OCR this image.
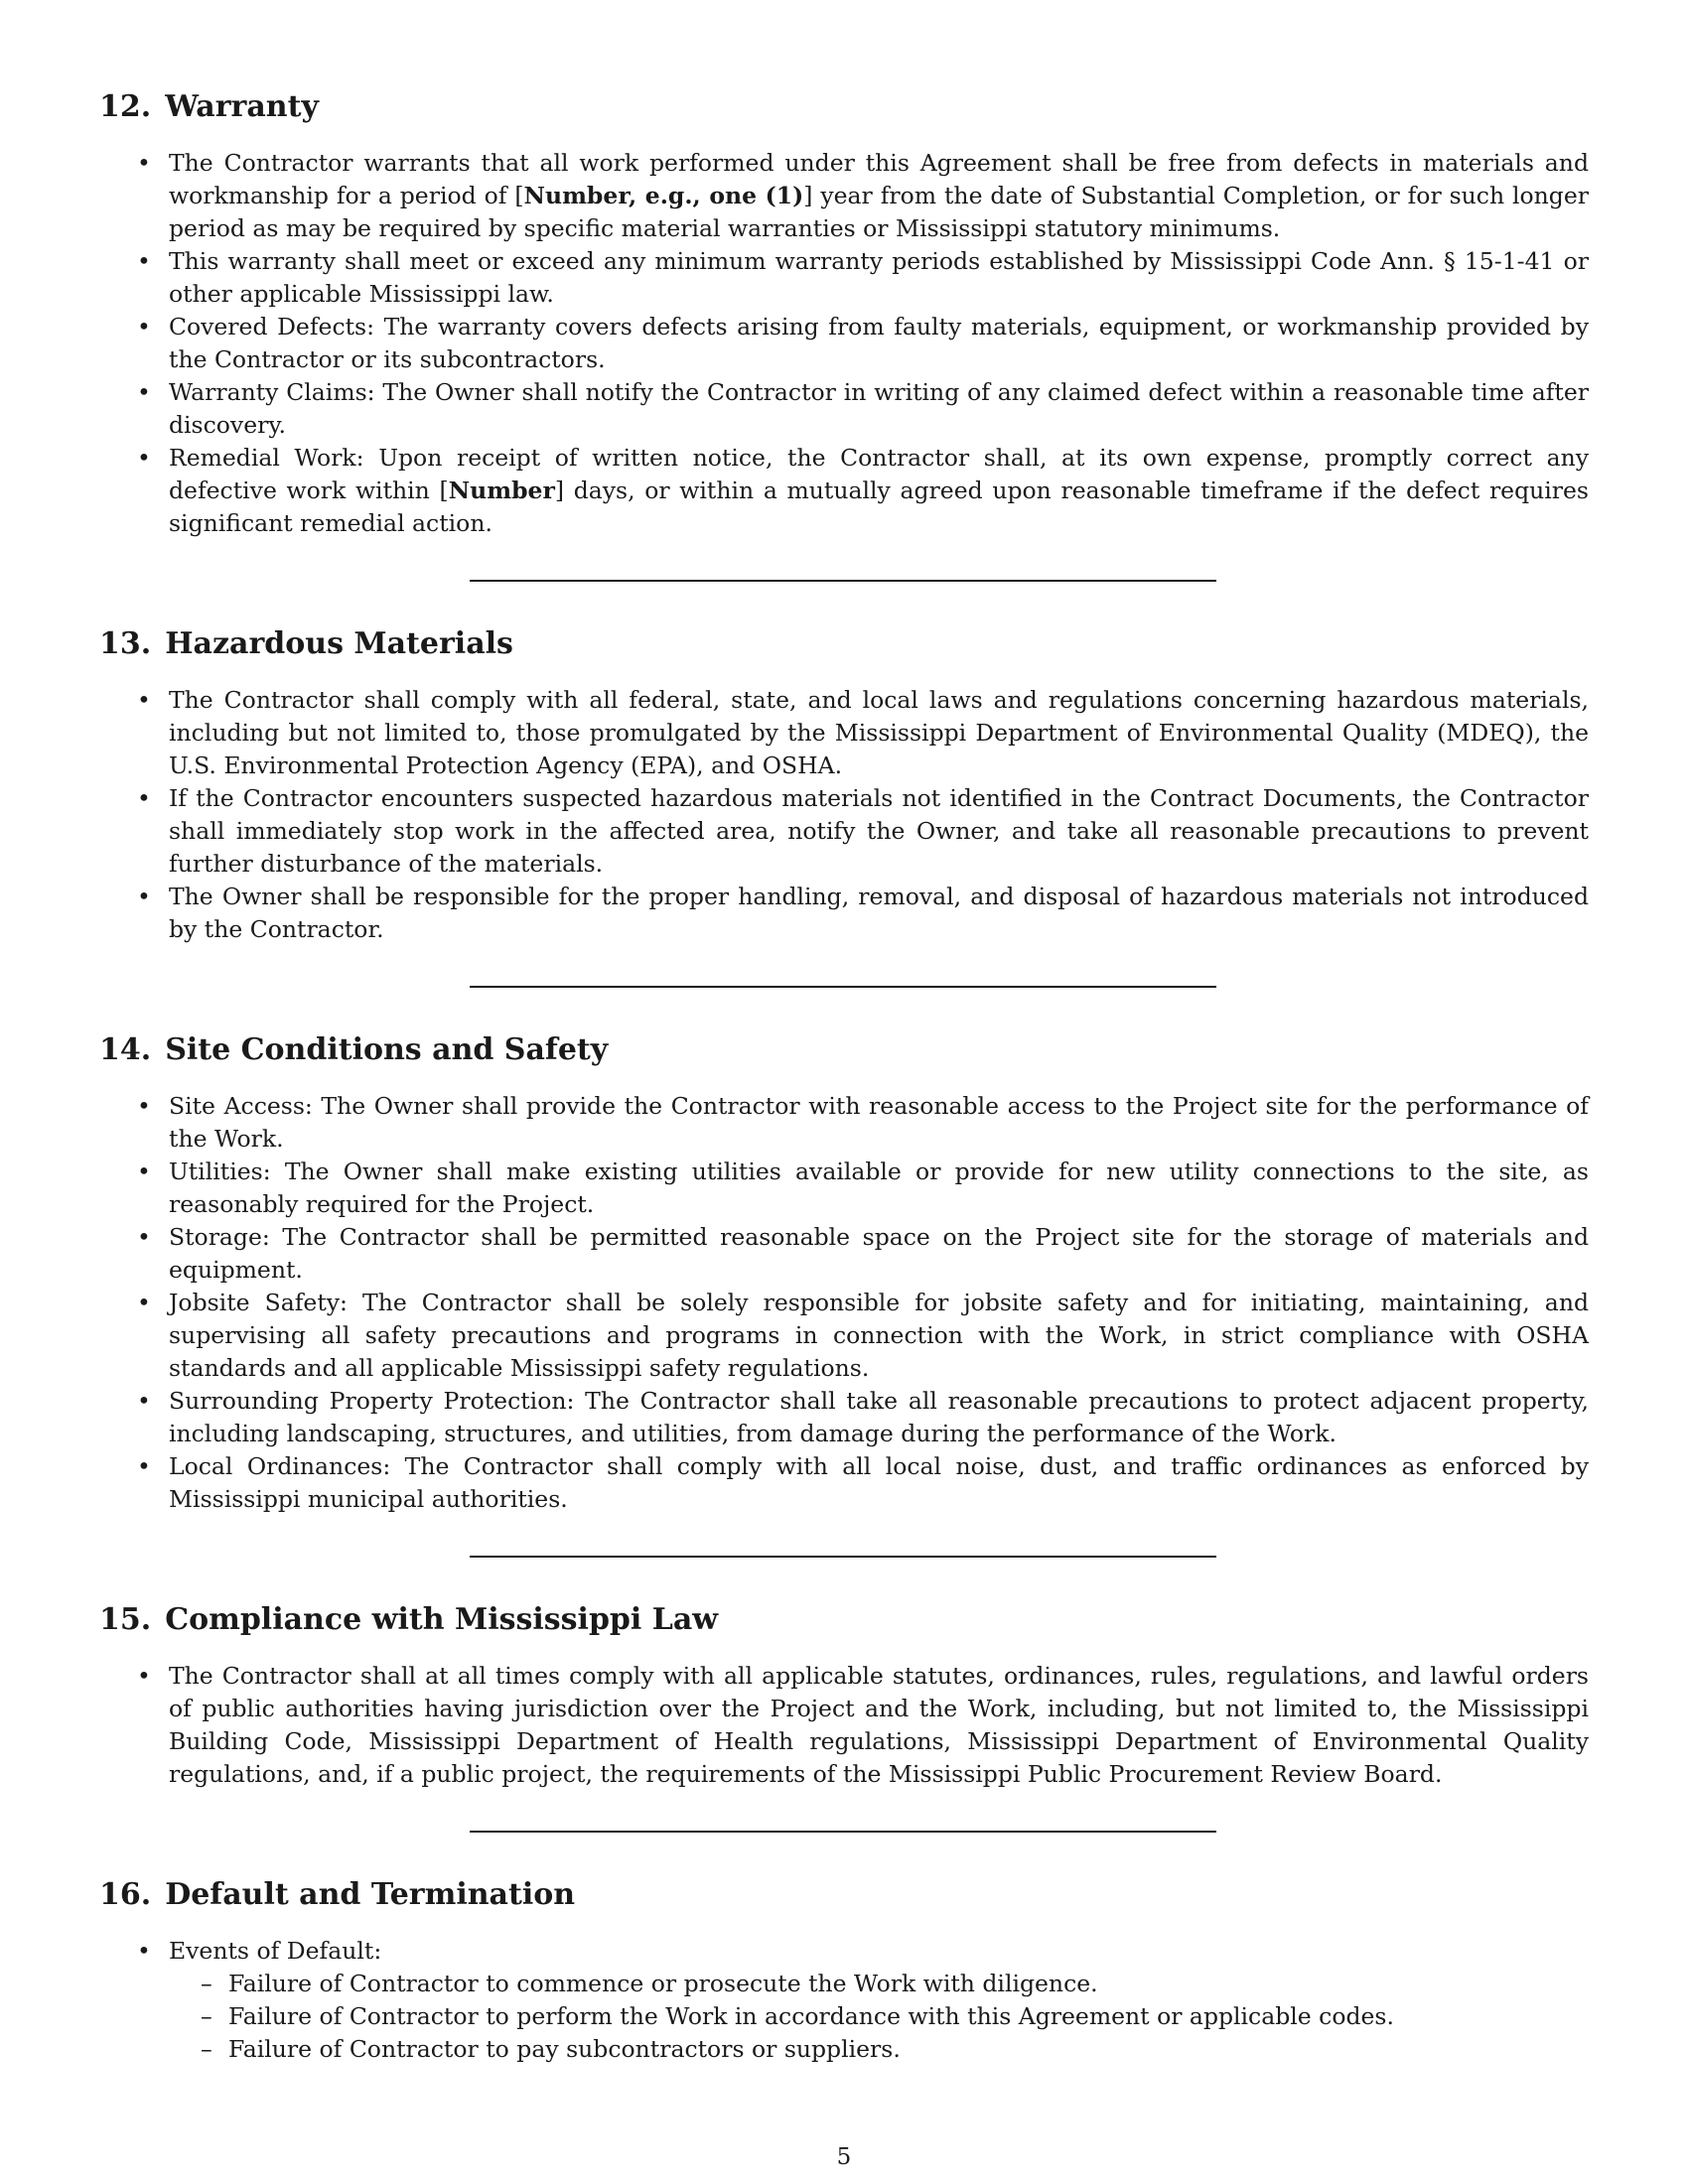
12. Warranty
• The Contractor warrants that all work performed under this Agreement shall be free from defects in materials and workmanship for a period of [Number, e.g., one (1)] year from the date of Substantial Completion, or for such longer period as may be required by specific material warranties or Mississippi statutory minimums.
• This warranty shall meet or exceed any minimum warranty periods established by Mississippi Code Ann. § 15-1-41 or other applicable Mississippi law.
• Covered Defects: The warranty covers defects arising from faulty materials, equipment, or workmanship provided by the Contractor or its subcontractors.
• Warranty Claims: The Owner shall notify the Contractor in writing of any claimed defect within a reasonable time after discovery.
• Remedial Work: Upon receipt of written notice, the Contractor shall, at its own expense, promptly correct any defective work within [Number] days, or within a mutually agreed upon reasonable timeframe if the defect requires significant remedial action.
13. Hazardous Materials
• The Contractor shall comply with all federal, state, and local laws and regulations concerning hazardous materials, including but not limited to, those promulgated by the Mississippi Department of Environmental Quality (MDEQ), the U.S. Environmental Protection Agency (EPA), and OSHA.
• If the Contractor encounters suspected hazardous materials not identified in the Contract Documents, the Contractor shall immediately stop work in the affected area, notify the Owner, and take all reasonable precautions to prevent further disturbance of the materials.
• The Owner shall be responsible for the proper handling, removal, and disposal of hazardous materials not introduced by the Contractor.
14. Site Conditions and Safety
• Site Access: The Owner shall provide the Contractor with reasonable access to the Project site for the performance of the Work.
• Utilities: The Owner shall make existing utilities available or provide for new utility connections to the site, as reasonably required for the Project.
• Storage: The Contractor shall be permitted reasonable space on the Project site for the storage of materials and equipment.
• Jobsite Safety: The Contractor shall be solely responsible for jobsite safety and for initiating, maintaining, and supervising all safety precautions and programs in connection with the Work, in strict compliance with OSHA standards and all applicable Mississippi safety regulations.
• Surrounding Property Protection: The Contractor shall take all reasonable precautions to protect adjacent property, including landscaping, structures, and utilities, from damage during the performance of the Work.
• Local Ordinances: The Contractor shall comply with all local noise, dust, and traffic ordinances as enforced by Mississippi municipal authorities.
15. Compliance with Mississippi Law
• The Contractor shall at all times comply with all applicable statutes, ordinances, rules, regulations, and lawful orders of public authorities having jurisdiction over the Project and the Work, including, but not limited to, the Mississippi Building Code, Mississippi Department of Health regulations, Mississippi Department of Environmental Quality regulations, and, if a public project, the requirements of the Mississippi Public Procurement Review Board.
16. Default and Termination
• Events of Default:
– Failure of Contractor to commence or prosecute the Work with diligence.
– Failure of Contractor to perform the Work in accordance with this Agreement or applicable codes.
– Failure of Contractor to pay subcontractors or suppliers.
5
